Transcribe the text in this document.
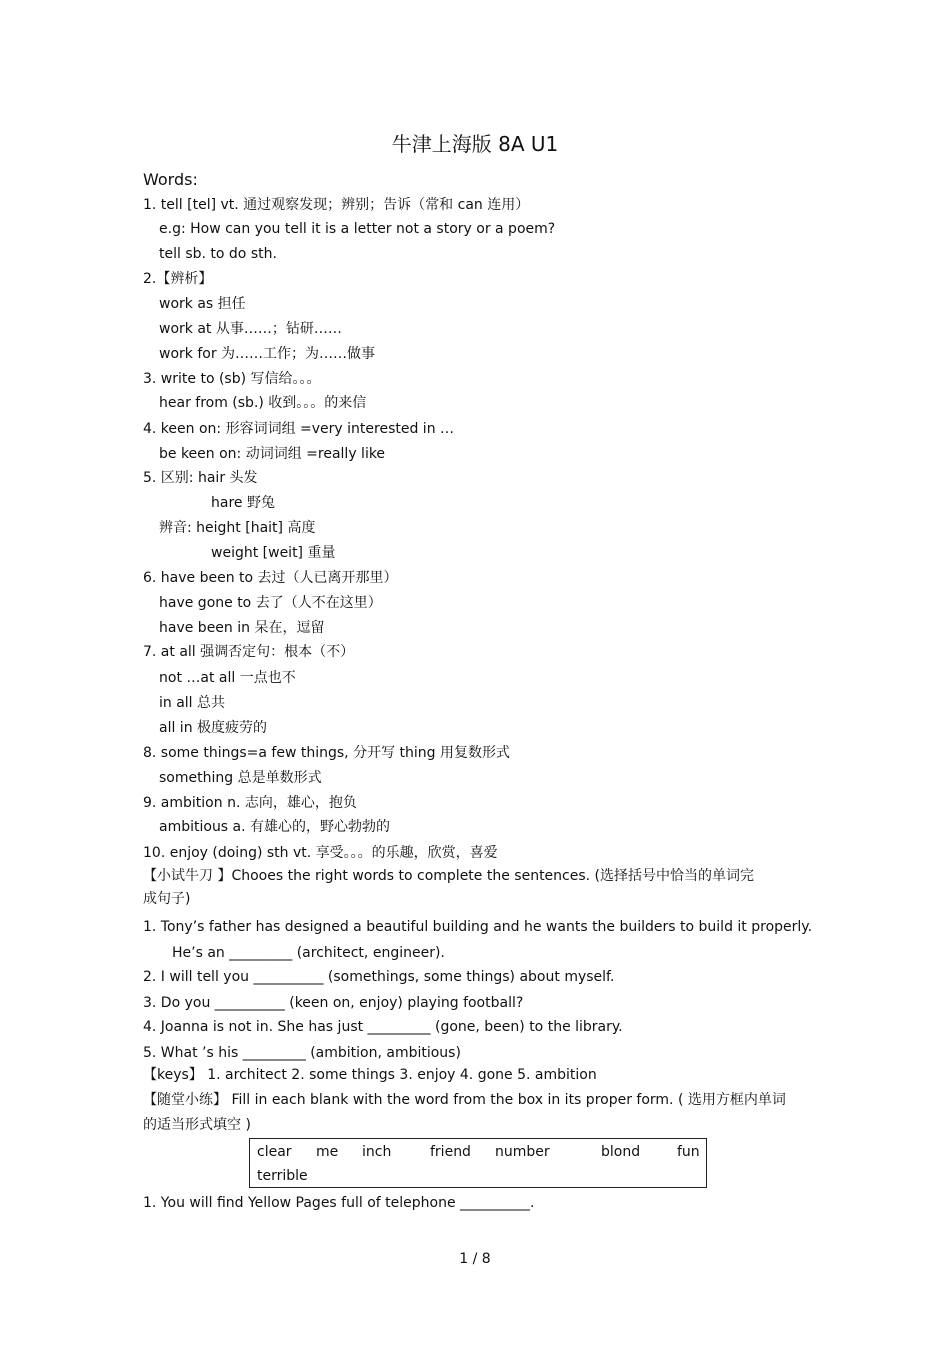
牛津上海版 8A U1
Words:
1. tell [tel] vt. 通过观察发现；辨别；告诉（常和 can 连用）
e.g: How can you tell it is a letter not a story or a poem?
tell sb. to do sth.
2.【辨析】
work as 担任
work at 从事……；钻研……
work for 为……工作；为……做事
3. write to (sb) 写信给。。。
hear from (sb.) 收到。。。的来信
4. keen on: 形容词词组 =very interested in …
be keen on: 动词词组 =really like
5. 区别: hair 头发
hare 野兔
辨音: height [hait] 高度
weight [weit] 重量
6. have been to 去过（人已离开那里）
have gone to 去了（人不在这里）
have been in 呆在，逗留
7. at all 强调否定句：根本（不）
not …at all 一点也不
in all 总共
all in 极度疲劳的
8. some things=a few things, 分开写 thing 用复数形式
something 总是单数形式
9. ambition n. 志向，雄心，抱负
ambitious a. 有雄心的，野心勃勃的
10. enjoy (doing) sth vt. 享受。。。的乐趣，欣赏，喜爱
【小试牛刀 】Chooes the right words to complete the sentences. (选择括号中恰当的单词完
成句子)
1. Tony’s father has designed a beautiful building and he wants the builders to build it properly.
He’s an _________ (architect, engineer).
2. I will tell you __________ (somethings, some things) about myself.
3. Do you __________ (keen on, enjoy) playing football?
4. Joanna is not in. She has just _________ (gone, been) to the library.
5. What ’s his _________ (ambition, ambitious)
【keys】 1. architect 2. some things 3. enjoy 4. gone 5. ambition
【随堂小练】 Fill in each blank with the word from the box in its proper form. ( 选用方框内单词
的适当形式填空 )
1. You will find Yellow Pages full of telephone __________.
clear me inch	friend number	blond	fun
terrible
1 / 8
